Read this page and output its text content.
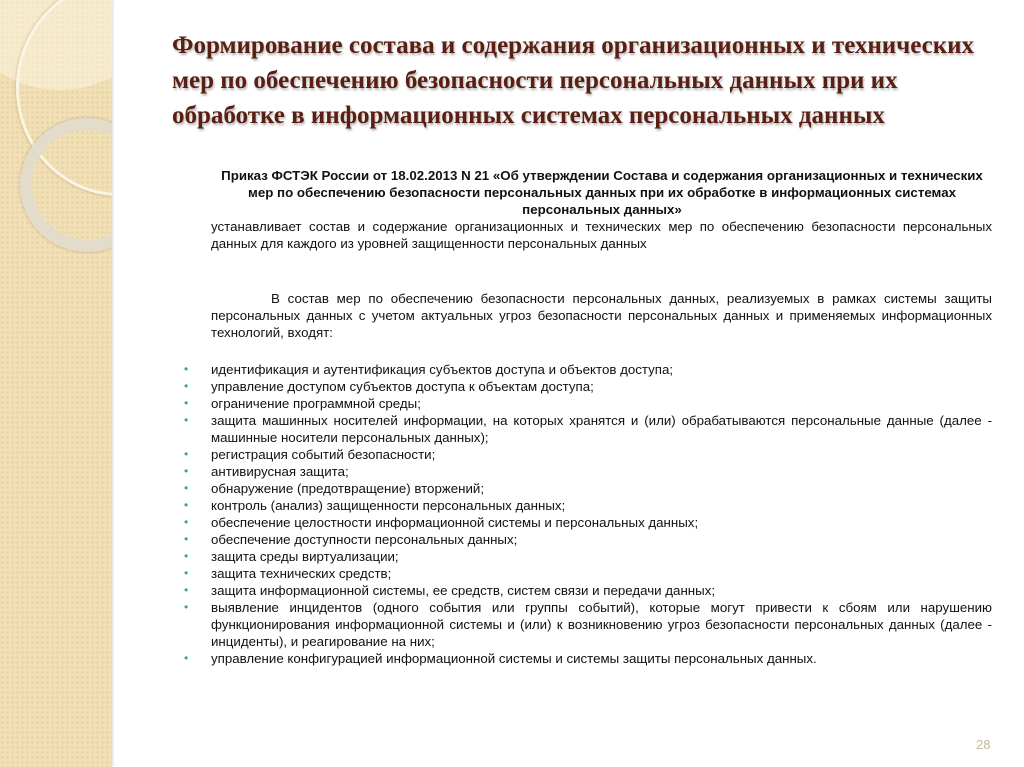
Формирование состава и содержания организационных и технических мер по обеспечению безопасности персональных данных при их обработке в информационных системах персональных данных
Приказ ФСТЭК России от 18.02.2013 N 21 «Об утверждении Состава и содержания организационных и технических мер по обеспечению безопасности персональных данных при их обработке в информационных системах персональных данных»
устанавливает состав и содержание организационных и технических мер по обеспечению безопасности персональных данных для каждого из уровней защищенности персональных данных
В состав мер по обеспечению безопасности персональных данных, реализуемых в рамках системы защиты персональных данных с учетом актуальных угроз безопасности персональных данных и применяемых информационных технологий, входят:
• идентификация и аутентификация субъектов доступа и объектов доступа;
• управление доступом субъектов доступа к объектам доступа;
• ограничение программной среды;
• защита машинных носителей информации, на которых хранятся и (или) обрабатываются персональные данные (далее - машинные носители персональных данных);
• регистрация событий безопасности;
• антивирусная защита;
• обнаружение (предотвращение) вторжений;
• контроль (анализ) защищенности персональных данных;
• обеспечение целостности информационной системы и персональных данных;
• обеспечение доступности персональных данных;
• защита среды виртуализации;
• защита технических средств;
• защита информационной системы, ее средств, систем связи и передачи данных;
• выявление инцидентов (одного события или группы событий), которые могут привести к сбоям или нарушению функционирования информационной системы и (или) к возникновению угроз безопасности персональных данных (далее - инциденты), и реагирование на них;
• управление конфигурацией информационной системы и системы защиты персональных данных.
28
